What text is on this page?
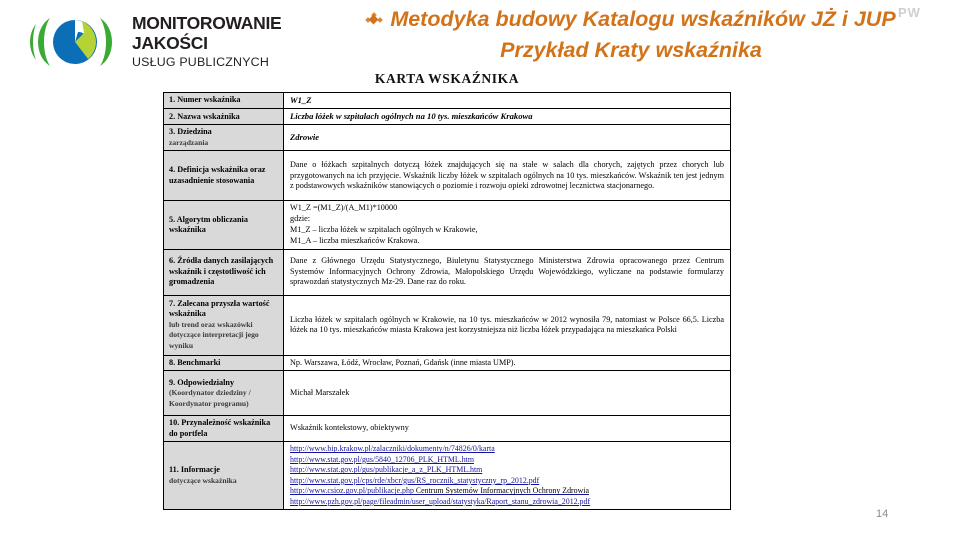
MONITOROWANIE
JAKOŚCI
USŁUG PUBLICZNYCH
Metodyka budowy Katalogu wskaźników JŻ i JUP
Przykład Kraty wskaźnika
PW
KARTA WSKAŹNIKA
1. Numer wskaźnika	W1_Z
2. Nazwa wskaźnika	Liczba łóżek w szpitalach ogólnych na 10 tys. mieszkańców Krakowa
3. Dziedzina
zarządzania	Zdrowie
4. Definicja wskaźnika oraz uzasadnienie stosowania	Dane o łóżkach szpitalnych dotyczą łóżek znajdujących się na stałe w salach dla chorych, zajętych przez chorych lub przygotowanych na ich przyjęcie. Wskaźnik liczby łóżek w szpitalach ogólnych na 10 tys. mieszkańców. Wskaźnik ten jest jednym z podstawowych wskaźników stanowiących o poziomie i rozwoju opieki zdrowotnej lecznictwa stacjonarnego.
5. Algorytm obliczania wskaźnika	W1_Z =(M1_Z)/(A_M1)*10000
gdzie:
M1_Z – liczba łóżek w szpitalach ogólnych w Krakowie,
M1_A – liczba mieszkańców Krakowa.

6. Źródła danych zasilających wskaźnik i częstotliwość ich gromadzenia	Dane z Głównego Urzędu Statystycznego, Biuletynu Statystycznego Ministerstwa Zdrowia opracowanego przez Centrum Systemów Informacyjnych Ochrony Zdrowia, Małopolskiego Urzędu Wojewódzkiego, wyliczane na podstawie formularzy sprawozdań statystycznych Mz-29. Dane raz do roku.
7. Zalecana przyszła wartość wskaźnika
lub trend oraz wskazówki dotyczące interpretacji jego wyniku	Liczba łóżek w szpitalach ogólnych w Krakowie, na 10 tys. mieszkańców w 2012 wynosiła 79, natomiast w Polsce 66,5. Liczba łóżek na 10 tys. mieszkańców miasta Krakowa jest korzystniejsza niż liczba łóżek przypadająca na mieszkańca Polski
8. Benchmarki	Np. Warszawa, Łódź, Wrocław, Poznań, Gdańsk (inne miasta UMP).
9. Odpowiedzialny
(Koordynator dziedziny / Koordynator programu)	Michał Marszałek
10. Przynależność wskaźnika do portfela	Wskaźnik kontekstowy, obiektywny
11. Informacje
dotyczące wskaźnika	
http://www.bip.krakow.pl/zalaczniki/dokumenty/n/74826/0/karta
http://www.stat.gov.pl/gus/5840_12706_PLK_HTML.htm
http://www.stat.gov.pl/gus/publikacje_a_z_PLK_HTML.htm
http://www.stat.gov.pl/cps/rde/xbcr/gus/RS_rocznik_statystyczny_rp_2012.pdf
http://www.csioz.gov.pl/publikacje.php Centrum Systemów Informacyjnych Ochrony Zdrowia
http://www.pzh.gov.pl/page/fileadmin/user_upload/statystyka/Raport_stanu_zdrowia_2012.pdf
14
